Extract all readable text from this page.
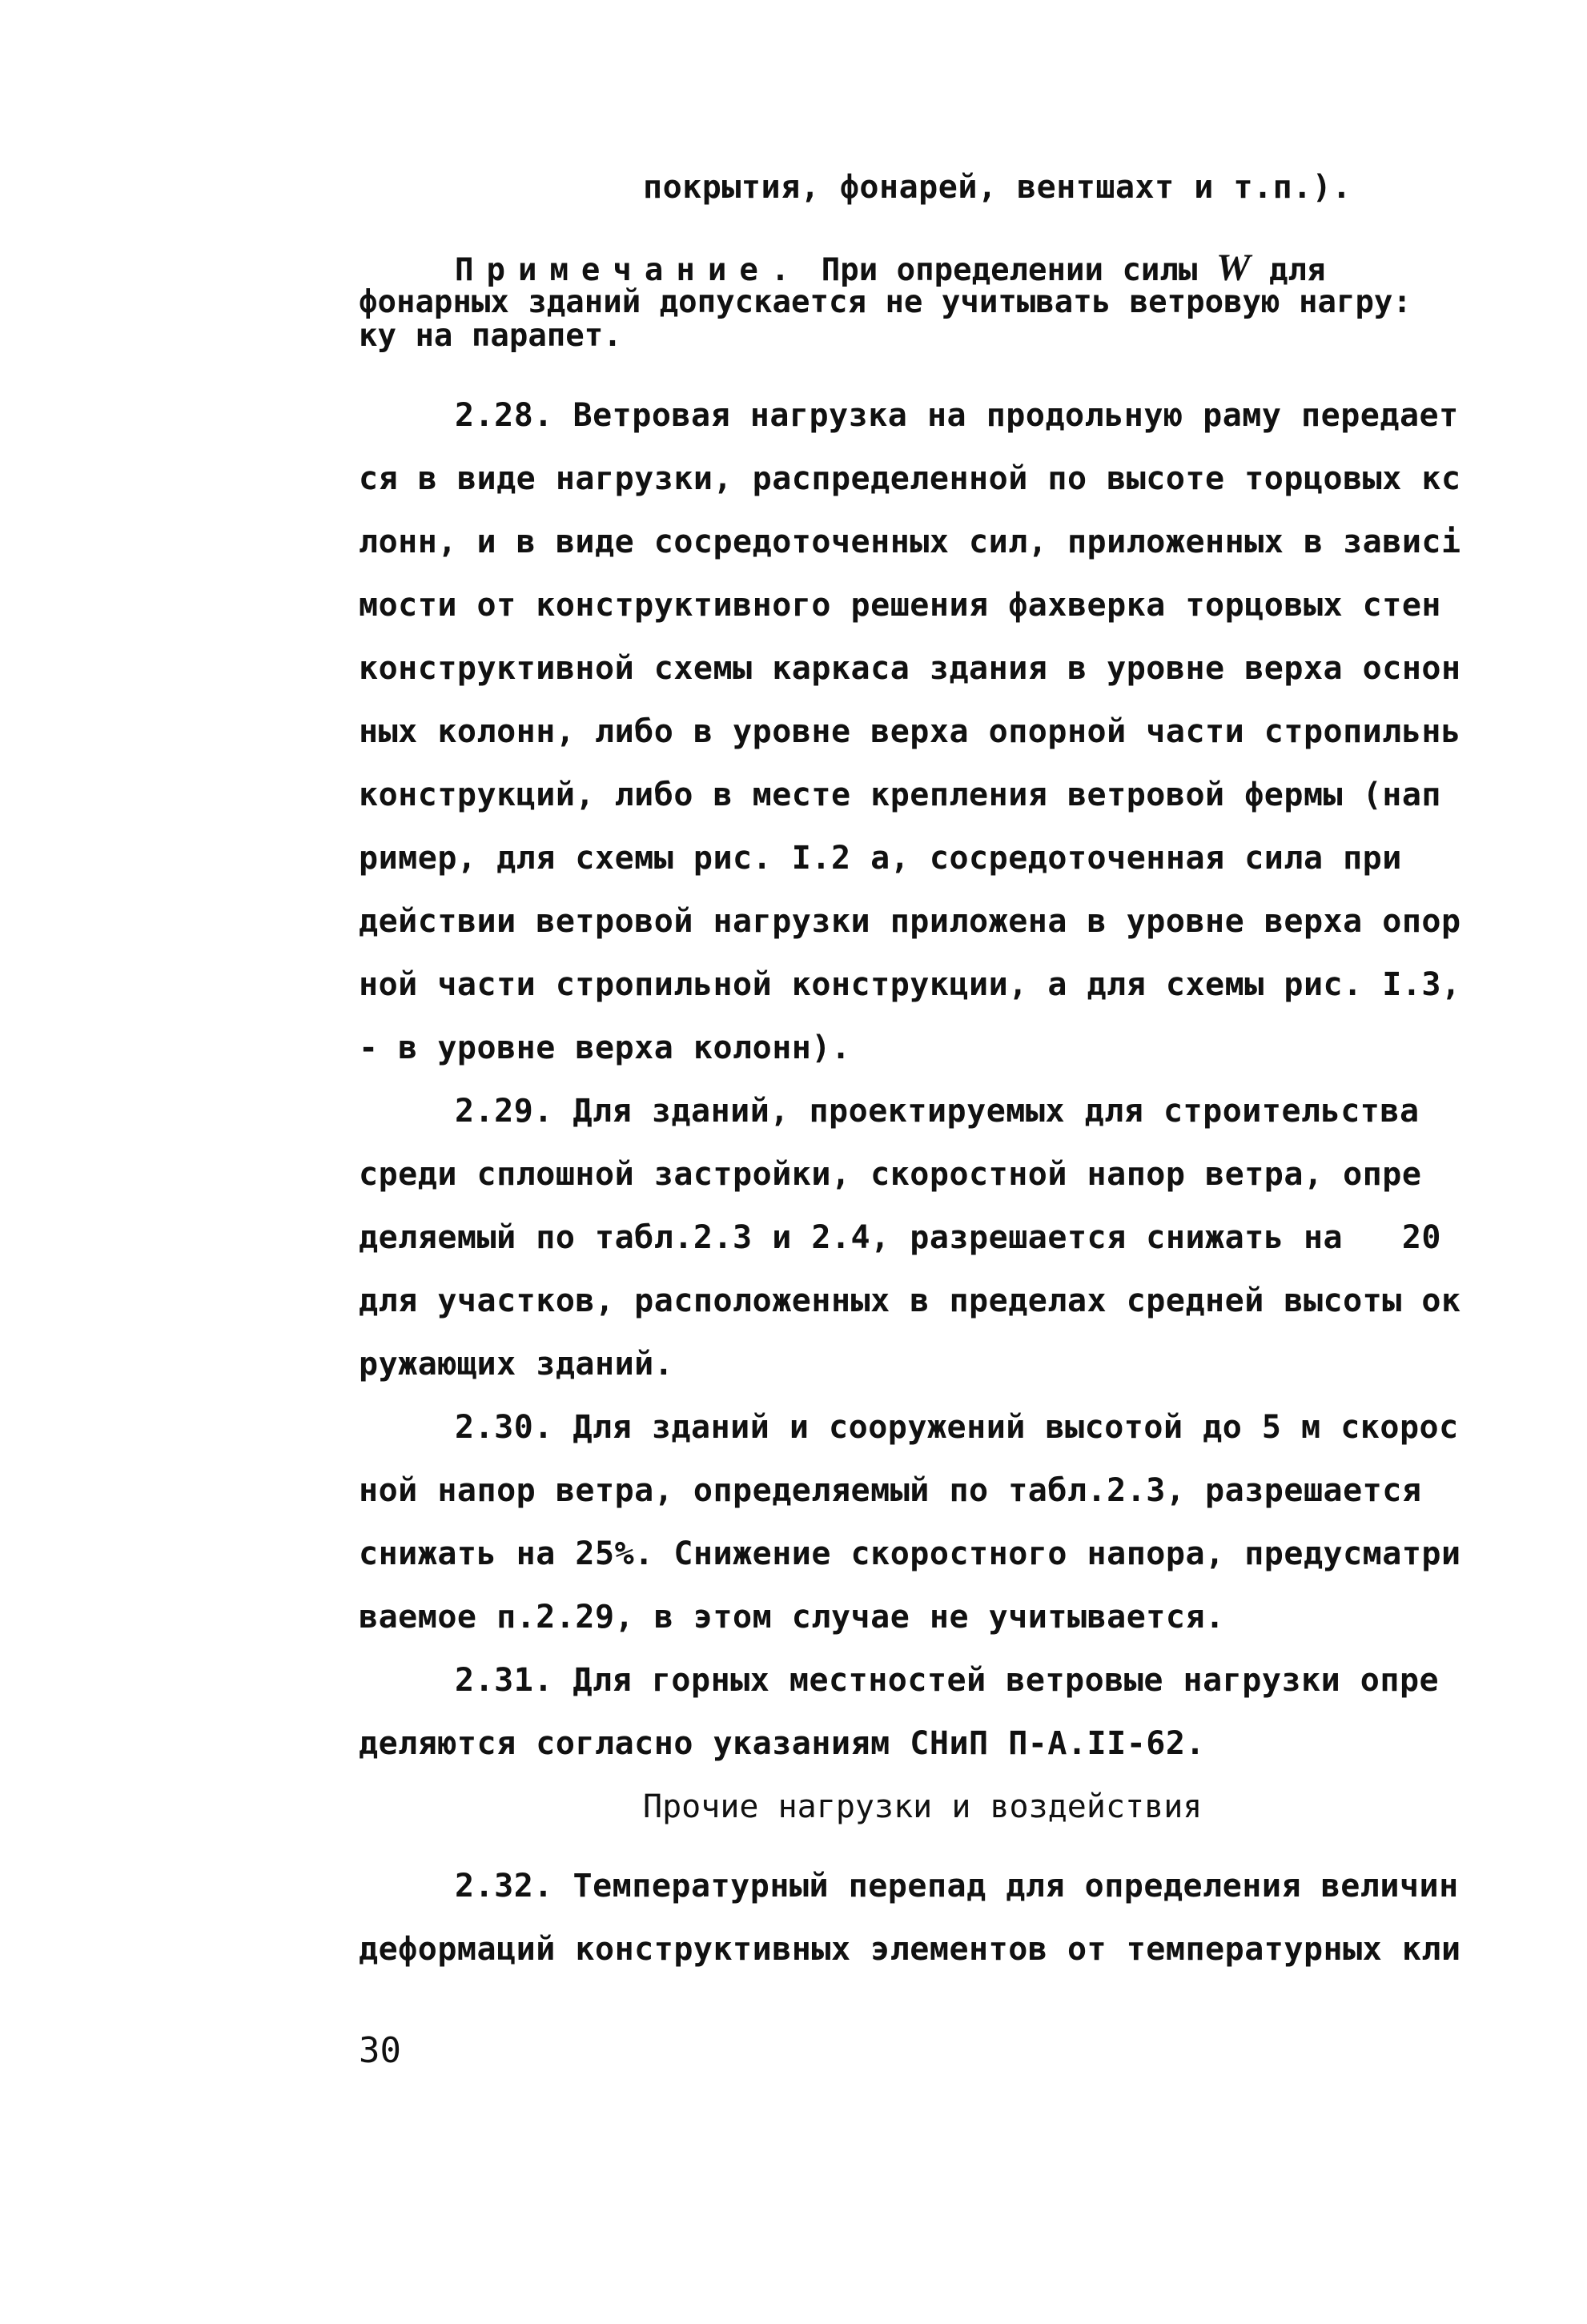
покрытия, фонарей, вентшахт и т.п.).
Примечание. При определении силы W для
фонарных зданий допускается не учитывать ветровую нагру:
ку на парапет.
2.28. Ветровая нагрузка на продольную раму передает
ся в виде нагрузки, распределенной по высоте торцовых кс
лонн, и в виде сосредоточенных сил, приложенных в зависі
мости от конструктивного решения фахверка торцовых стен
конструктивной схемы каркаса здания в уровне верха оснон
ных колонн, либо в уровне верха опорной части стропильнь
конструкций, либо в месте крепления ветровой фермы (нап
ример, для схемы рис. I.2 а, сосредоточенная сила при
действии ветровой нагрузки приложена в уровне верха опор
ной части стропильной конструкции, а для схемы рис. I.3,
- в уровне верха колонн).
2.29. Для зданий, проектируемых для строительства
среди сплошной застройки, скоростной напор ветра, опре
деляемый по табл.2.3 и 2.4, разрешается снижать на   20
для участков, расположенных в пределах средней высоты ок
ружающих зданий.
2.30. Для зданий и сооружений высотой до 5 м скорос
ной напор ветра, определяемый по табл.2.3, разрешается
снижать на 25%. Снижение скоростного напора, предусматри
ваемое п.2.29, в этом случае не учитывается.
2.31. Для горных местностей ветровые нагрузки опре
деляются согласно указаниям СНиП П-А.II-62.
Прочие нагрузки и воздействия
2.32. Температурный перепад для определения величин
деформаций конструктивных элементов от температурных кли
30
